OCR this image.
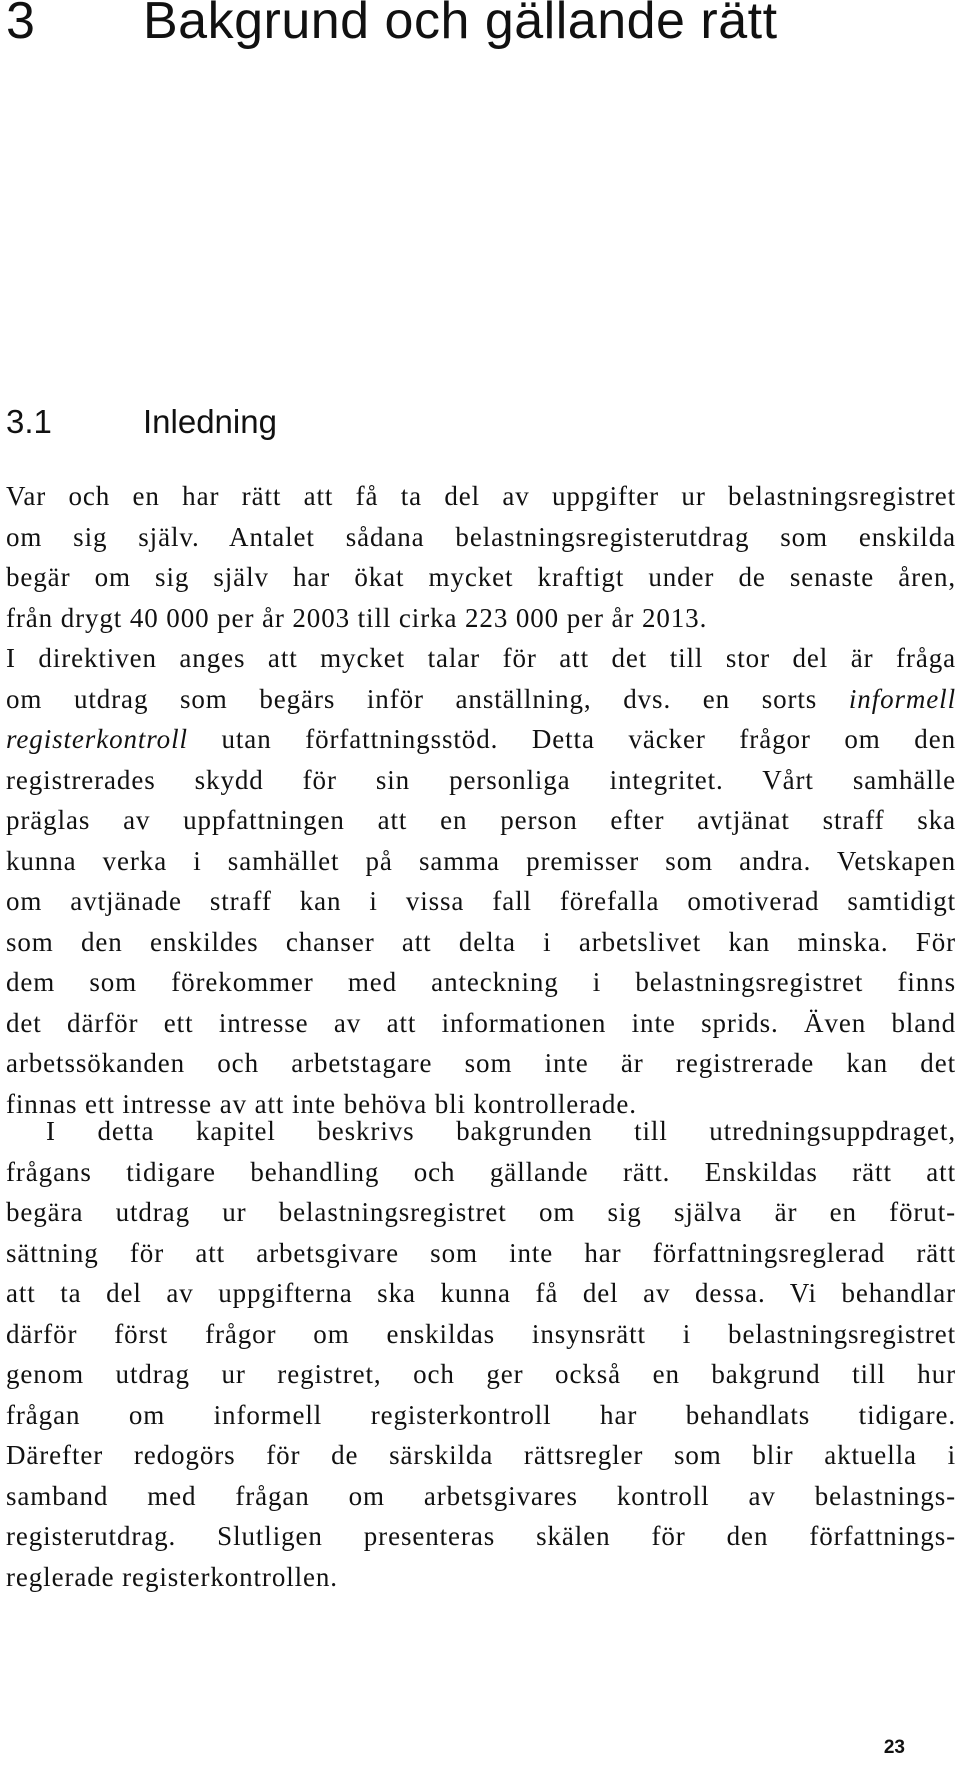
3 Bakgrund och gällande rätt
3.1	Inledning
Var och en har rätt att få ta del av uppgifter ur belastningsregistret
om sig själv. Antalet sådana belastningsregisterutdrag som enskilda
begär om sig själv har ökat mycket kraftigt under de senaste åren,
från drygt 40 000 per år 2003 till cirka 223 000 per år 2013.
I direktiven anges att mycket talar för att det till stor del är fråga
om utdrag som begärs inför anställning, dvs. en sorts informell
registerkontroll utan författningsstöd. Detta väcker frågor om den
registrerades skydd för sin personliga integritet. Vårt samhälle
präglas av uppfattningen att en person efter avtjänat straff ska
kunna verka i samhället på samma premisser som andra. Vetskapen
om avtjänade straff kan i vissa fall förefalla omotiverad samtidigt
som den enskildes chanser att delta i arbetslivet kan minska. För
dem som förekommer med anteckning i belastningsregistret finns
det därför ett intresse av att informationen inte sprids. Även bland
arbetssökanden och arbetstagare som inte är registrerade kan det
finnas ett intresse av att inte behöva bli kontrollerade.
I detta kapitel beskrivs bakgrunden till utredningsuppdraget,
frågans tidigare behandling och gällande rätt. Enskildas rätt att
begära utdrag ur belastningsregistret om sig själva är en förut-
sättning för att arbetsgivare som inte har författningsreglerad rätt
att ta del av uppgifterna ska kunna få del av dessa. Vi behandlar
därför först frågor om enskildas insynsrätt i belastningsregistret
genom utdrag ur registret, och ger också en bakgrund till hur
frågan om informell registerkontroll har behandlats tidigare.
Därefter redogörs för de särskilda rättsregler som blir aktuella i
samband med frågan om arbetsgivares kontroll av belastnings-
registerutdrag. Slutligen presenteras skälen för den författnings-
reglerade registerkontrollen.
23
